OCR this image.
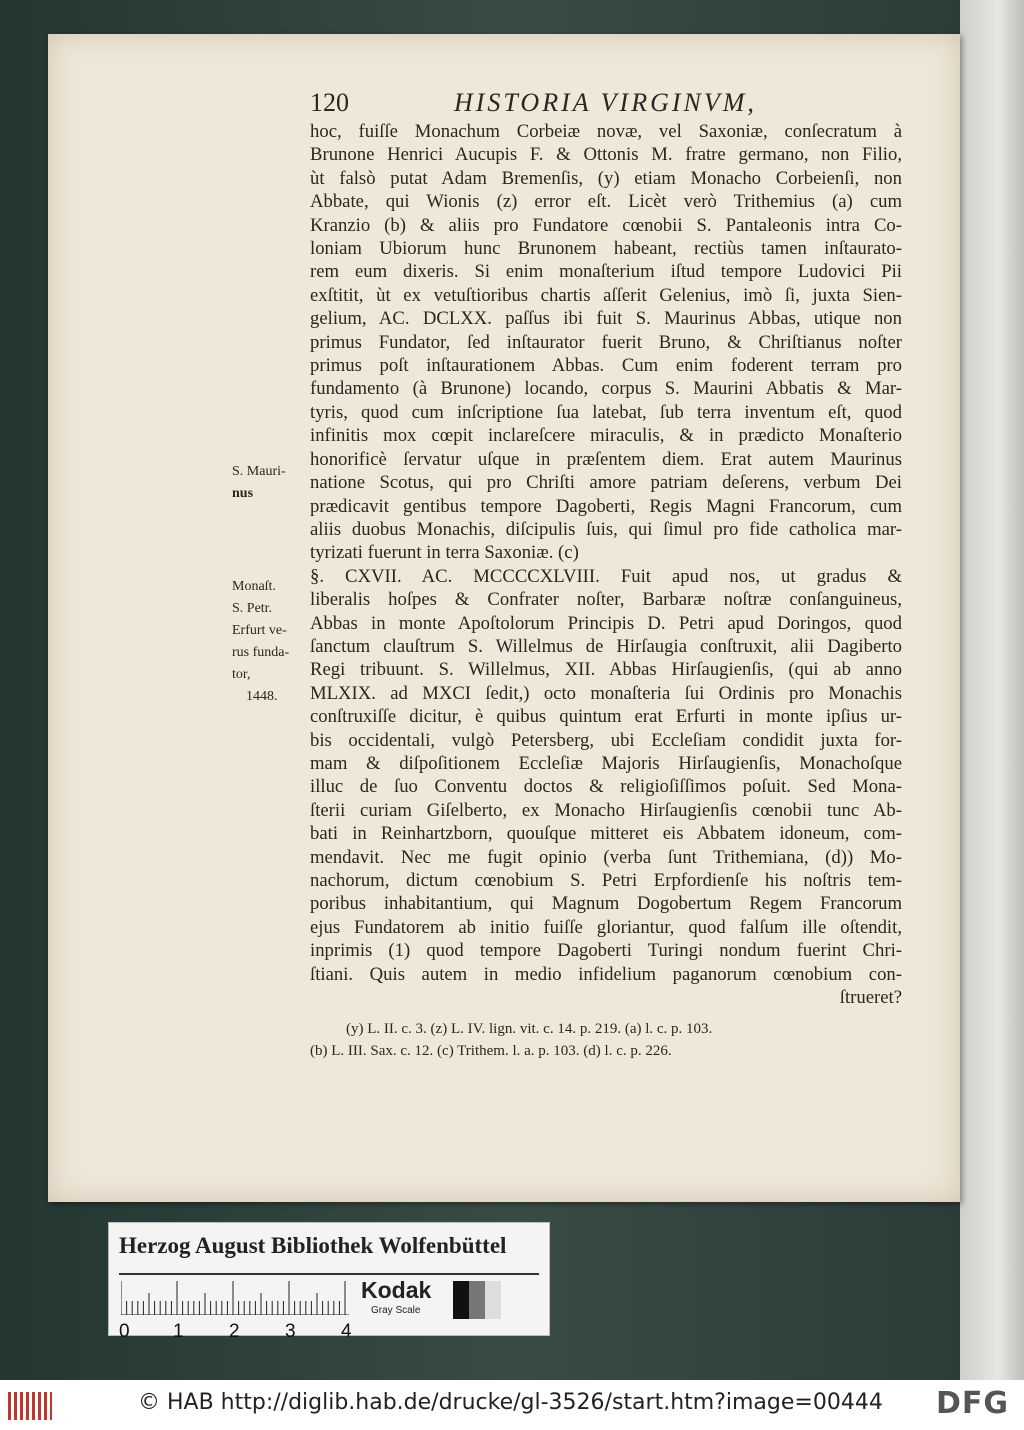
120	HISTORIA VIRGINVM,
hoc, fuiſſe Monachum Corbeiæ novæ, vel Saxoniæ, conſecratum à
Brunone Henrici Aucupis F. & Ottonis M. fratre germano, non Filio,
ùt falsò putat Adam Bremenſis, (y) etiam Monacho Corbeienſi, non
Abbate, qui Wionis (z) error eſt. Licèt verò Trithemius (a) cum
Kranzio (b) & aliis pro Fundatore cœnobii S. Pantaleonis intra Co-
loniam Ubiorum hunc Brunonem habeant, rectiùs tamen inſtaurato-
rem eum dixeris. Si enim monaſterium iſtud tempore Ludovici Pii
exſtitit, ùt ex vetuſtioribus chartis aſſerit Gelenius, imò ſi, juxta Sien-
gelium, AC. DCLXX. paſſus ibi fuit S. Maurinus Abbas, utique non
primus Fundator, ſed inſtaurator fuerit Bruno, & Chriſtianus noſter
primus poſt inſtaurationem Abbas. Cum enim foderent terram pro
fundamento (à Brunone) locando, corpus S. Maurini Abbatis & Mar-
tyris, quod cum inſcriptione ſua latebat, ſub terra inventum eſt, quod
infinitis mox cœpit inclareſcere miraculis, & in prædicto Monaſterio
honorificè ſervatur uſque in præſentem diem. Erat autem Maurinus
natione Scotus, qui pro Chriſti amore patriam deſerens, verbum Dei
prædicavit gentibus tempore Dagoberti, Regis Magni Francorum, cum
aliis duobus Monachis, diſcipulis ſuis, qui ſimul pro fide catholica mar-
tyrizati fuerunt in terra Saxoniæ. (c)
§. CXVII. AC. MCCCCXLVIII. Fuit apud nos, ut gradus &
liberalis hoſpes & Confrater noſter, Barbaræ noſtræ conſanguineus,
Abbas in monte Apoſtolorum Principis D. Petri apud Doringos, quod
ſanctum clauſtrum S. Willelmus de Hirſaugia conſtruxit, alii Dagiberto
Regi tribuunt. S. Willelmus, XII. Abbas Hirſaugienſis, (qui ab anno
MLXIX. ad MXCI ſedit,) octo monaſteria ſui Ordinis pro Monachis
conſtruxiſſe dicitur, è quibus quintum erat Erfurti in monte ipſius ur-
bis occidentali, vulgò Petersberg, ubi Eccleſiam condidit juxta for-
mam & diſpoſitionem Eccleſiæ Majoris Hirſaugienſis, Monachoſque
illuc de ſuo Conventu doctos & religioſiſſimos poſuit. Sed Mona-
ſterii curiam Giſelberto, ex Monacho Hirſaugienſis cœnobii tunc Ab-
bati in Reinhartzborn, quouſque mitteret eis Abbatem idoneum, com-
mendavit. Nec me fugit opinio (verba ſunt Trithemiana, (d)) Mo-
nachorum, dictum cœnobium S. Petri Erpfordienſe his noſtris tem-
poribus inhabitantium, qui Magnum Dogobertum Regem Francorum
ejus Fundatorem ab initio fuiſſe gloriantur, quod falſum ille oſtendit,
inprimis (1) quod tempore Dagoberti Turingi nondum fuerint Chri-
ſtiani. Quis autem in medio infidelium paganorum cœnobium con-
ſtrueret?
S. Mauri-
nus
Monaſt.
S. Petr.
Erfurt ve-
rus funda-
tor,
1448.
(y) L. II. c. 3. (z) L. IV. lign. vit. c. 14. p. 219. (a) l. c. p. 103.
(b) L. III. Sax. c. 12. (c) Trithem. l. a. p. 103. (d) l. c. p. 226.
Herzog August Bibliothek Wolfenbüttel
0 1 2 3 4
Kodak
Gray Scale
© HAB http://diglib.hab.de/drucke/gl-3526/start.htm?image=00444 DFG
